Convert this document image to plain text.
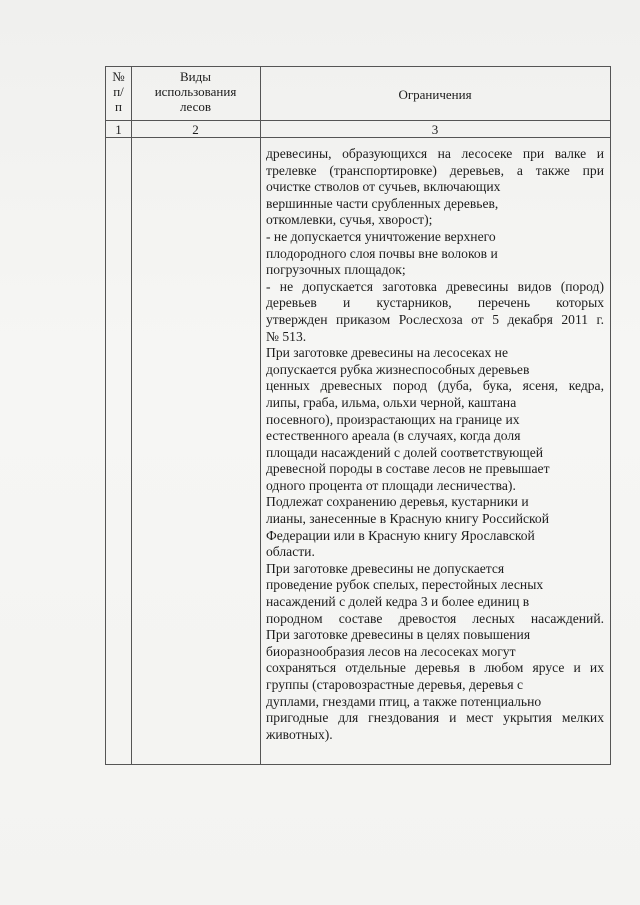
№
п/
п
Виды
использования
лесов
Ограничения
1	2	3

древесины, образующихся на лесосеке при валке и

трелевке (транспортировке) деревьев, а также при

очистке стволов от сучьев, включающих

вершинные части срубленных деревьев,

откомлевки, сучья, хворост);

- не допускается уничтожение верхнего

плодородного слоя почвы вне волоков и

погрузочных площадок;

- не допускается заготовка древесины видов (пород)

деревьев и кустарников, перечень которых

утвержден приказом Рослесхоза от 5 декабря 2011 г.

№ 513.

При заготовке древесины на лесосеках не

допускается рубка жизнеспособных деревьев

ценных древесных пород (дуба, бука, ясеня, кедра,

липы, граба, ильма, ольхи черной, каштана

посевного), произрастающих на границе их

естественного ареала (в случаях, когда доля

площади насаждений с долей соответствующей

древесной породы в составе лесов не превышает

одного процента от площади лесничества).

Подлежат сохранению деревья, кустарники и

лианы, занесенные в Красную книгу Российской

Федерации или в Красную книгу Ярославской

области.

При заготовке древесины не допускается

проведение рубок спелых, перестойных лесных

насаждений с долей кедра 3 и более единиц в

породном составе древостоя лесных насаждений.

При заготовке древесины в целях повышения

биоразнообразия лесов на лесосеках могут

сохраняться отдельные деревья в любом ярусе и их

группы (старовозрастные деревья, деревья с

дуплами, гнездами птиц, а также потенциально

пригодные для гнездования и мест укрытия мелких

животных).
